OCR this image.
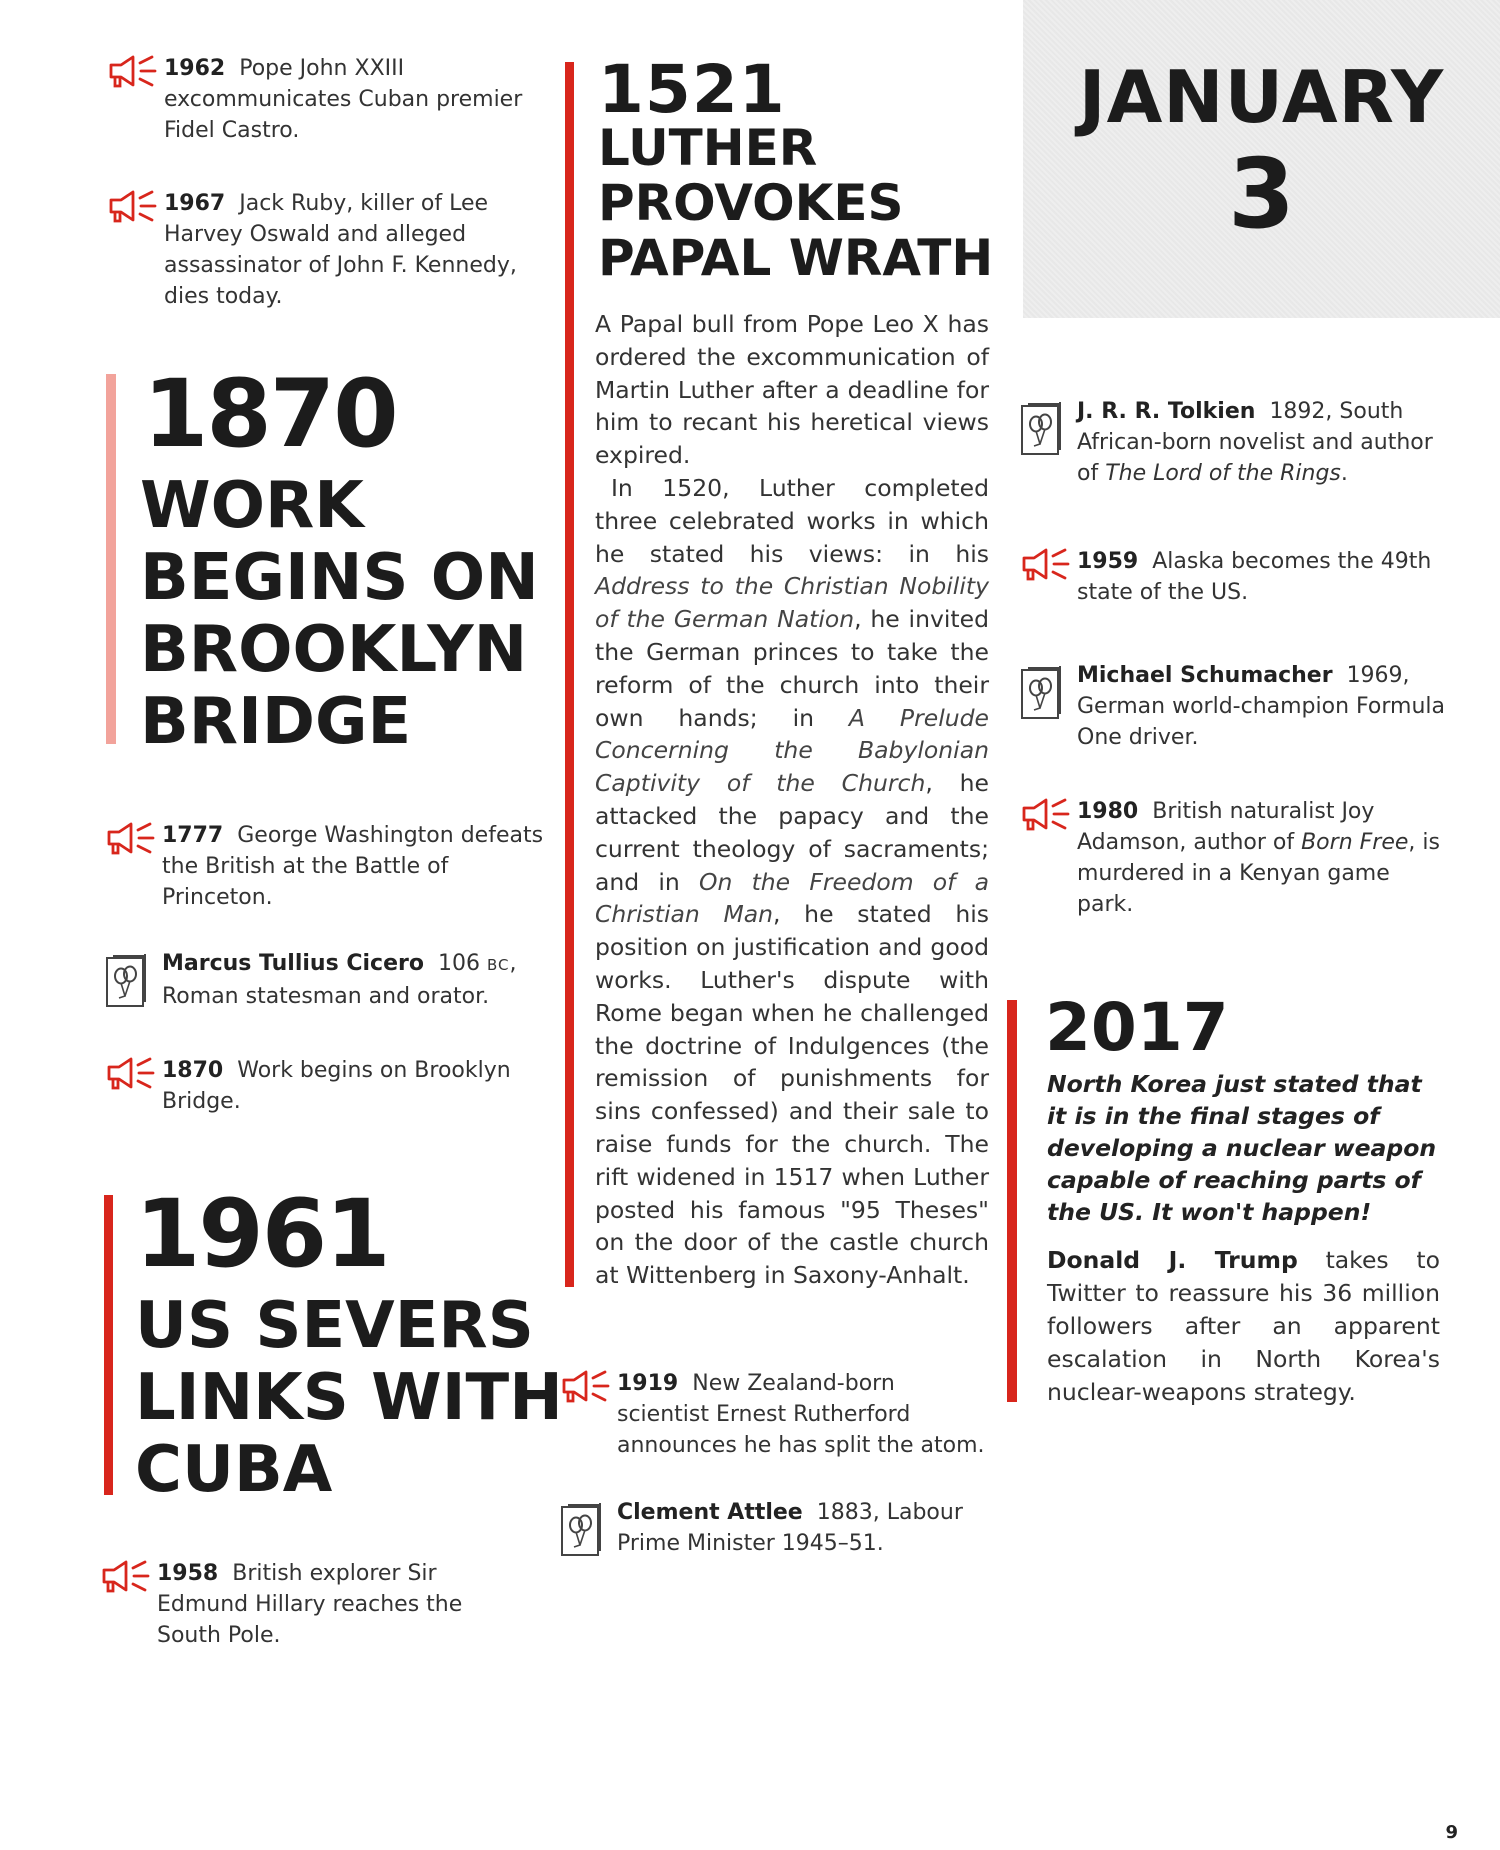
1962 Pope John XXIII excommunicates Cuban premier Fidel Castro.
1967 Jack Ruby, killer of Lee Harvey Oswald and alleged assassinator of John F. Kennedy, dies today.
1870
WORK
BEGINS ON
BROOKLYN
BRIDGE
1777 George Washington defeats the British at the Battle of Princeton.
Marcus Tullius Cicero 106 BC, Roman statesman and orator.
1870 Work begins on Brooklyn Bridge.
1961
US SEVERS
LINKS WITH
CUBA
1958 British explorer Sir Edmund Hillary reaches the South Pole.
1521
LUTHER
PROVOKES
PAPAL WRATH

A Papal bull from Pope Leo X has ordered the excommunication of Martin Luther after a deadline for him to recant his heretical views expired.

In 1520, Luther completed three celebrated works in which he stated his views: in his Address to the Christian Nobility of the German Nation, he invited the German princes to take the reform of the church into their own hands; in A Prelude Concerning the Babylonian Captivity of the Church, he attacked the papacy and the current theology of sacraments; and in On the Freedom of a Christian Man, he stated his position on justification and good works. Luther's dispute with Rome began when he challenged the doctrine of Indulgences (the remission of punishments for sins confessed) and their sale to raise funds for the church. The rift widened in 1517 when Luther posted his famous "95 Theses" on the door of the castle church at Wittenberg in Saxony-Anhalt.

1919 New Zealand-born scientist Ernest Rutherford announces he has split the atom.
Clement Attlee 1883, Labour Prime Minister 1945–51.
JANUARY
3
J. R. R. Tolkien 1892, South African-born novelist and author of The Lord of the Rings.
1959 Alaska becomes the 49th state of the US.
Michael Schumacher 1969, German world-champion Formula One driver.
1980 British naturalist Joy Adamson, author of Born Free, is murdered in a Kenyan game park.
2017
North Korea just stated that it is in the final stages of developing a nuclear weapon capable of reaching parts of the US. It won't happen!
Donald J. Trump takes to Twitter to reassure his 36 million followers after an apparent escalation in North Korea's nuclear-weapons strategy.
9
